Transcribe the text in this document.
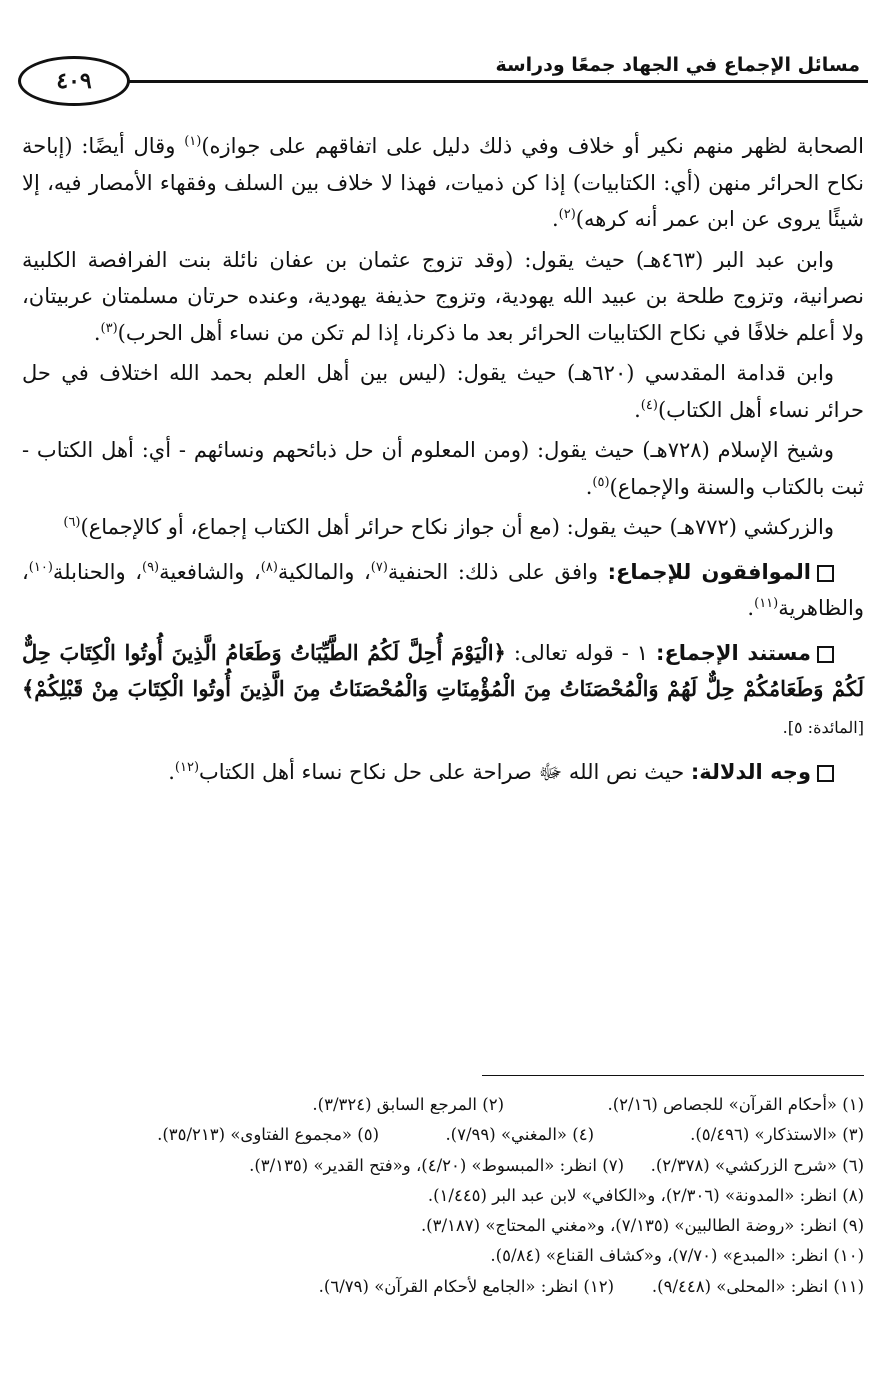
مسائل الإجماع في الجهاد جمعًا ودراسة
٤٠٩

الصحابة لظهر منهم نكير أو خلاف وفي ذلك دليل على اتفاقهم على جوازه)$^{(١)}$ وقال أيضًا: (إباحة نكاح الحرائر منهن (أي: الكتابيات) إذا كن ذميات، فهذا لا خلاف بين السلف وفقهاء الأمصار فيه، إلا شيئًا يروى عن ابن عمر أنه كرهه)$^{(٢)}$.

وابن عبد البر (٤٦٣هـ) حيث يقول: (وقد تزوج عثمان بن عفان نائلة بنت الفرافصة الكلبية نصرانية، وتزوج طلحة بن عبيد الله يهودية، وتزوج حذيفة يهودية، وعنده حرتان مسلمتان عربيتان، ولا أعلم خلافًا في نكاح الكتابيات الحرائر بعد ما ذكرنا، إذا لم تكن من نساء أهل الحرب)$^{(٣)}$.

وابن قدامة المقدسي (٦٢٠هـ) حيث يقول: (ليس بين أهل العلم بحمد الله اختلاف في حل حرائر نساء أهل الكتاب)$^{(٤)}$.

وشيخ الإسلام (٧٢٨هـ) حيث يقول: (ومن المعلوم أن حل ذبائحهم ونسائهم - أي: أهل الكتاب - ثبت بالكتاب والسنة والإجماع)$^{(٥)}$.

والزركشي (٧٧٢هـ) حيث يقول: (مع أن جواز نكاح حرائر أهل الكتاب إجماع، أو كالإجماع)$^{(٦)}$

الموافقون للإجماع: وافق على ذلك: الحنفية$^{(٧)}$، والمالكية$^{(٨)}$، والشافعية$^{(٩)}$، والحنابلة$^{(١٠)}$، والظاهرية$^{(١١)}$.

مستند الإجماع: ١ - قوله تعالى: ﴿الْيَوْمَ أُحِلَّ لَكُمُ الطَّيِّبَاتُ وَطَعَامُ الَّذِينَ أُوتُوا الْكِتَابَ حِلٌّ لَكُمْ وَطَعَامُكُمْ حِلٌّ لَهُمْ وَالْمُحْصَنَاتُ مِنَ الْمُؤْمِنَاتِ وَالْمُحْصَنَاتُ مِنَ الَّذِينَ أُوتُوا الْكِتَابَ مِنْ قَبْلِكُمْ﴾ [المائدة: ٥].

وجه الدلالة: حيث نص الله ﷻ صراحة على حل نكاح نساء أهل الكتاب$^{(١٢)}$.

(١) «أحكام القرآن» للجصاص (٢/١٦).
(٢) المرجع السابق (٣/٣٢٤).
(٣) «الاستذكار» (٥/٤٩٦).
(٤) «المغني» (٧/٩٩).
(٥) «مجموع الفتاوى» (٣٥/٢١٣).
(٦) «شرح الزركشي» (٢/٣٧٨).
(٧) انظر: «المبسوط» (٤/٢٠)، و«فتح القدير» (٣/١٣٥).
(٨) انظر: «المدونة» (٢/٣٠٦)، و«الكافي» لابن عبد البر (١/٤٤٥).
(٩) انظر: «روضة الطالبين» (٧/١٣٥)، و«مغني المحتاج» (٣/١٨٧).
(١٠) انظر: «المبدع» (٧/٧٠)، و«كشاف القناع» (٥/٨٤).
(١١) انظر: «المحلى» (٩/٤٤٨).
(١٢) انظر: «الجامع لأحكام القرآن» (٦/٧٩).
